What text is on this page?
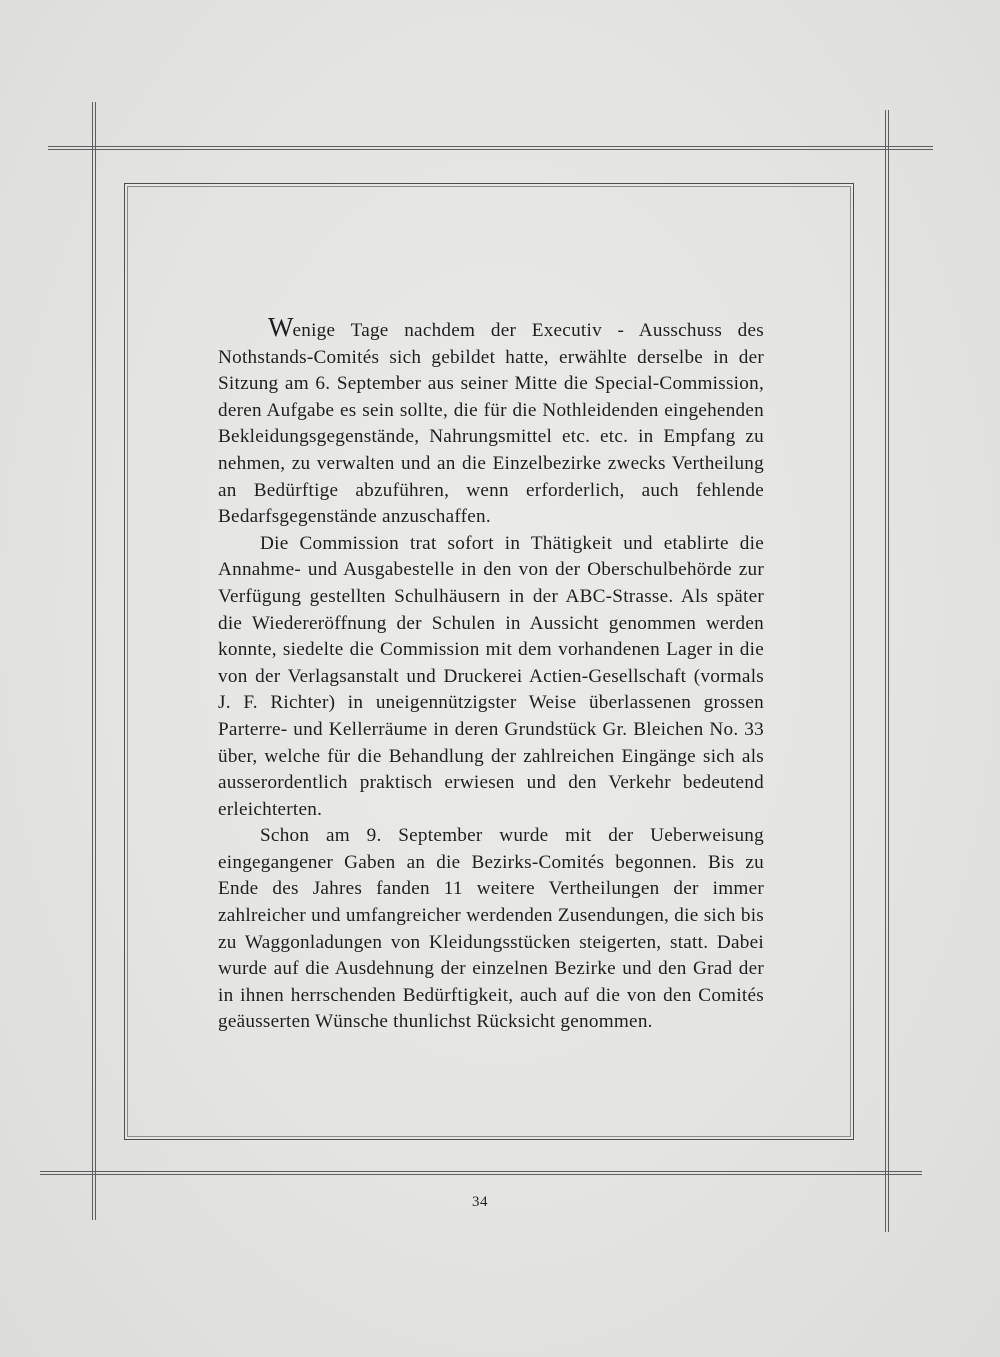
Wenige Tage nachdem der Executiv - Ausschuss des Nothstands-Comités sich gebildet hatte, erwählte derselbe in der Sitzung am 6. September aus seiner Mitte die Special-Commission, deren Aufgabe es sein sollte, die für die Nothleidenden eingehenden Bekleidungsgegenstände, Nahrungsmittel etc. etc. in Empfang zu nehmen, zu verwalten und an die Einzelbezirke zwecks Vertheilung an Bedürftige abzuführen, wenn erforderlich, auch fehlende Bedarfsgegenstände anzuschaffen.

Die Commission trat sofort in Thätigkeit und etablirte die Annahme- und Ausgabestelle in den von der Oberschulbehörde zur Verfügung gestellten Schulhäusern in der ABC-Strasse. Als später die Wiedereröffnung der Schulen in Aussicht genommen werden konnte, siedelte die Commission mit dem vorhandenen Lager in die von der Verlagsanstalt und Druckerei Actien-Gesellschaft (vormals J. F. Richter) in uneigennützigster Weise überlassenen grossen Parterre- und Kellerräume in deren Grundstück Gr. Bleichen No. 33 über, welche für die Behandlung der zahlreichen Eingänge sich als ausserordentlich praktisch erwiesen und den Verkehr bedeutend erleichterten.

Schon am 9. September wurde mit der Ueberweisung eingegangener Gaben an die Bezirks-Comités begonnen. Bis zu Ende des Jahres fanden 11 weitere Vertheilungen der immer zahlreicher und umfangreicher werdenden Zusendungen, die sich bis zu Waggonladungen von Kleidungsstücken steigerten, statt. Dabei wurde auf die Ausdehnung der einzelnen Bezirke und den Grad der in ihnen herrschenden Bedürftigkeit, auch auf die von den Comités geäusserten Wünsche thunlichst Rücksicht genommen.

34
